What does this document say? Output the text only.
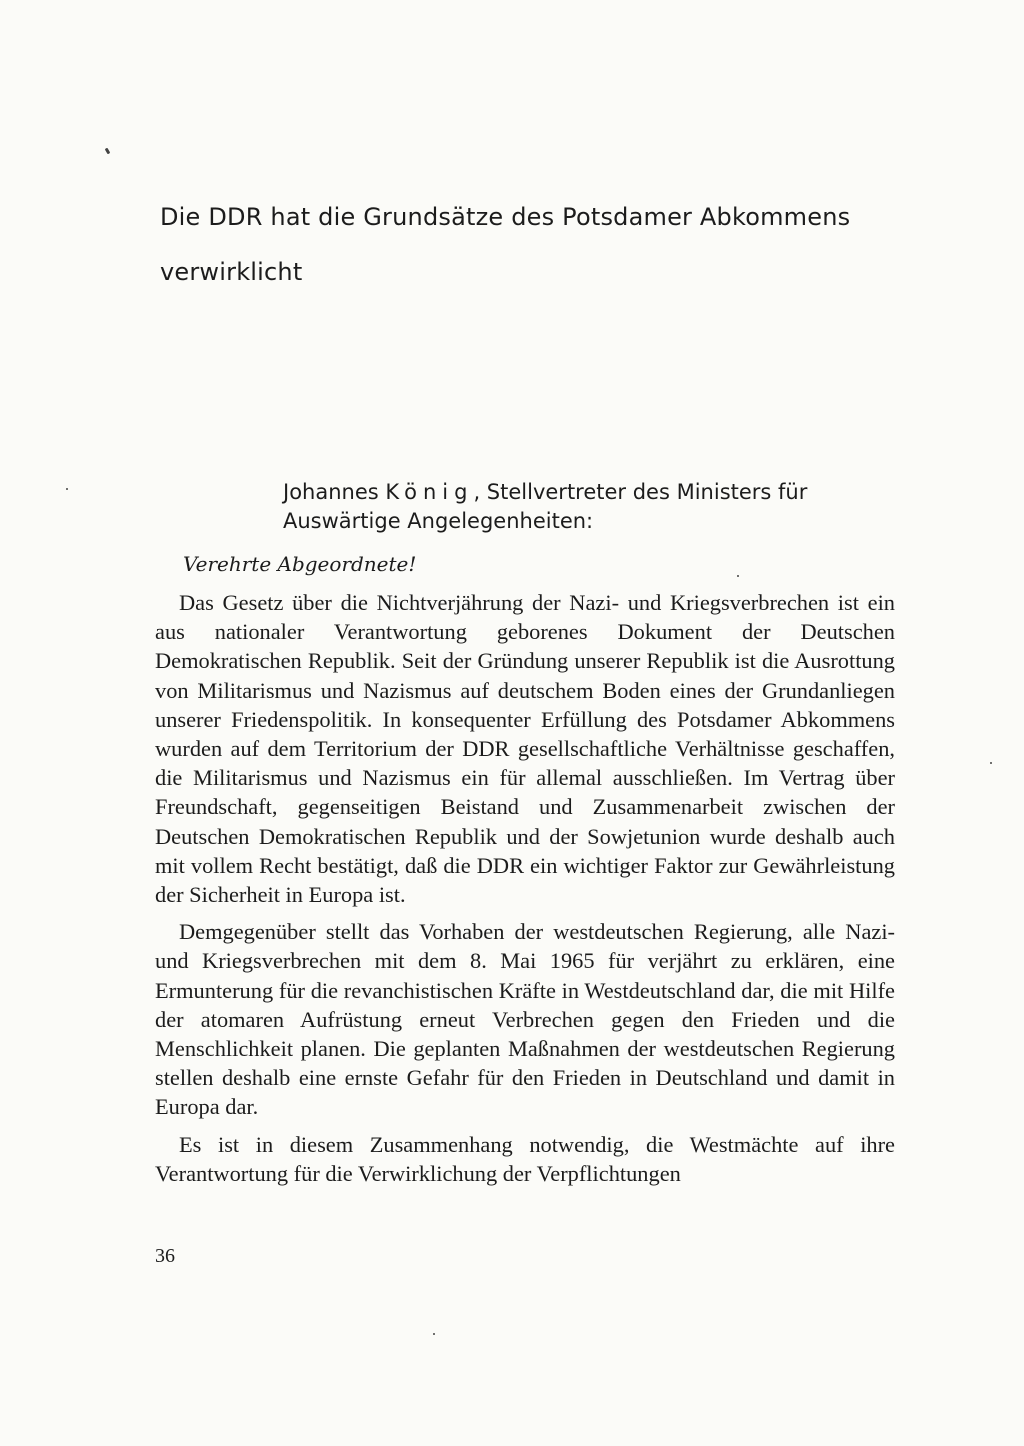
Die DDR hat die Grundsätze des Potsdamer Abkommens verwirklicht

Johannes König, Stellvertreter des Ministers für Auswärtige Angelegenheiten:

Verehrte Abgeordnete!

Das Gesetz über die Nichtverjährung der Nazi- und Kriegsverbrechen ist ein aus nationaler Verantwortung geborenes Dokument der Deutschen Demokratischen Republik. Seit der Gründung unserer Republik ist die Ausrottung von Militarismus und Nazismus auf deutschem Boden eines der Grundanliegen unserer Friedenspolitik. In konsequenter Erfüllung des Potsdamer Abkommens wurden auf dem Territorium der DDR gesellschaftliche Verhältnisse geschaffen, die Militarismus und Nazismus ein für allemal ausschließen. Im Vertrag über Freundschaft, gegenseitigen Beistand und Zusammenarbeit zwischen der Deutschen Demokratischen Republik und der Sowjetunion wurde deshalb auch mit vollem Recht bestätigt, daß die DDR ein wichtiger Faktor zur Gewährleistung der Sicherheit in Europa ist.

Demgegenüber stellt das Vorhaben der westdeutschen Regierung, alle Nazi- und Kriegsverbrechen mit dem 8. Mai 1965 für verjährt zu erklären, eine Ermunterung für die revanchistischen Kräfte in Westdeutschland dar, die mit Hilfe der atomaren Aufrüstung erneut Verbrechen gegen den Frieden und die Menschlichkeit planen. Die geplanten Maßnahmen der westdeutschen Regierung stellen deshalb eine ernste Gefahr für den Frieden in Deutschland und damit in Europa dar.

Es ist in diesem Zusammenhang notwendig, die Westmächte auf ihre Verantwortung für die Verwirklichung der Verpflichtungen

36
